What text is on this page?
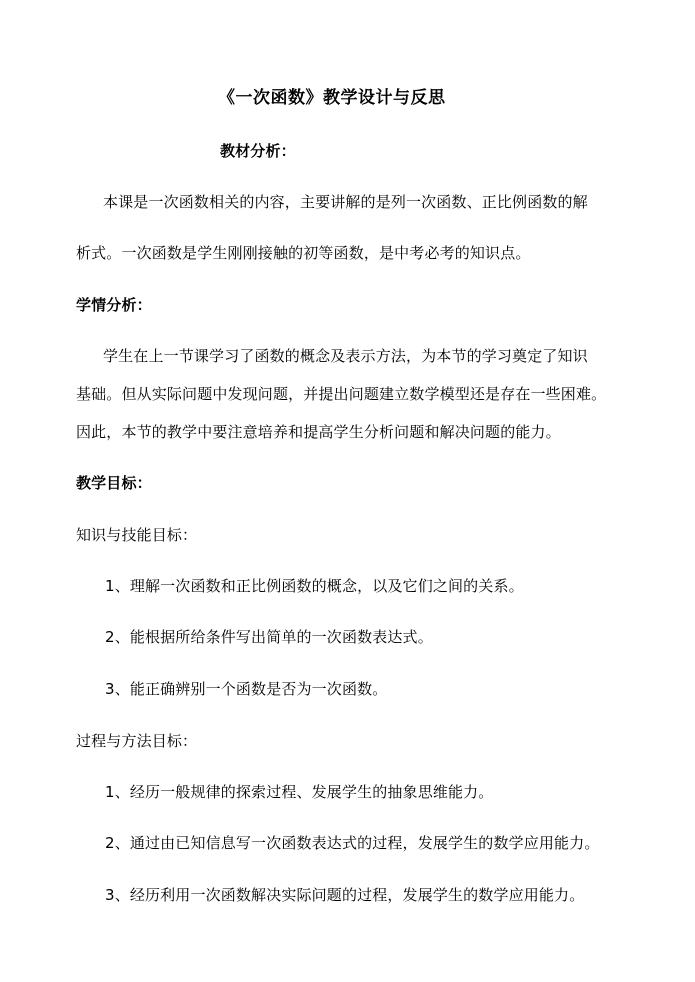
《一次函数》教学设计与反思
教材分析：
本课是一次函数相关的内容，主要讲解的是列一次函数、正比例函数的解
析式。一次函数是学生刚刚接触的初等函数，是中考必考的知识点。
学情分析：
学生在上一节课学习了函数的概念及表示方法，为本节的学习奠定了知识
基础。但从实际问题中发现问题，并提出问题建立数学模型还是存在一些困难。
因此，本节的教学中要注意培养和提高学生分析问题和解决问题的能力。
教学目标：
知识与技能目标：
1、理解一次函数和正比例函数的概念，以及它们之间的关系。
2、能根据所给条件写出简单的一次函数表达式。
3、能正确辨别一个函数是否为一次函数。
过程与方法目标：
1、经历一般规律的探索过程、发展学生的抽象思维能力。
2、通过由已知信息写一次函数表达式的过程，发展学生的数学应用能力。
3、经历利用一次函数解决实际问题的过程，发展学生的数学应用能力。
